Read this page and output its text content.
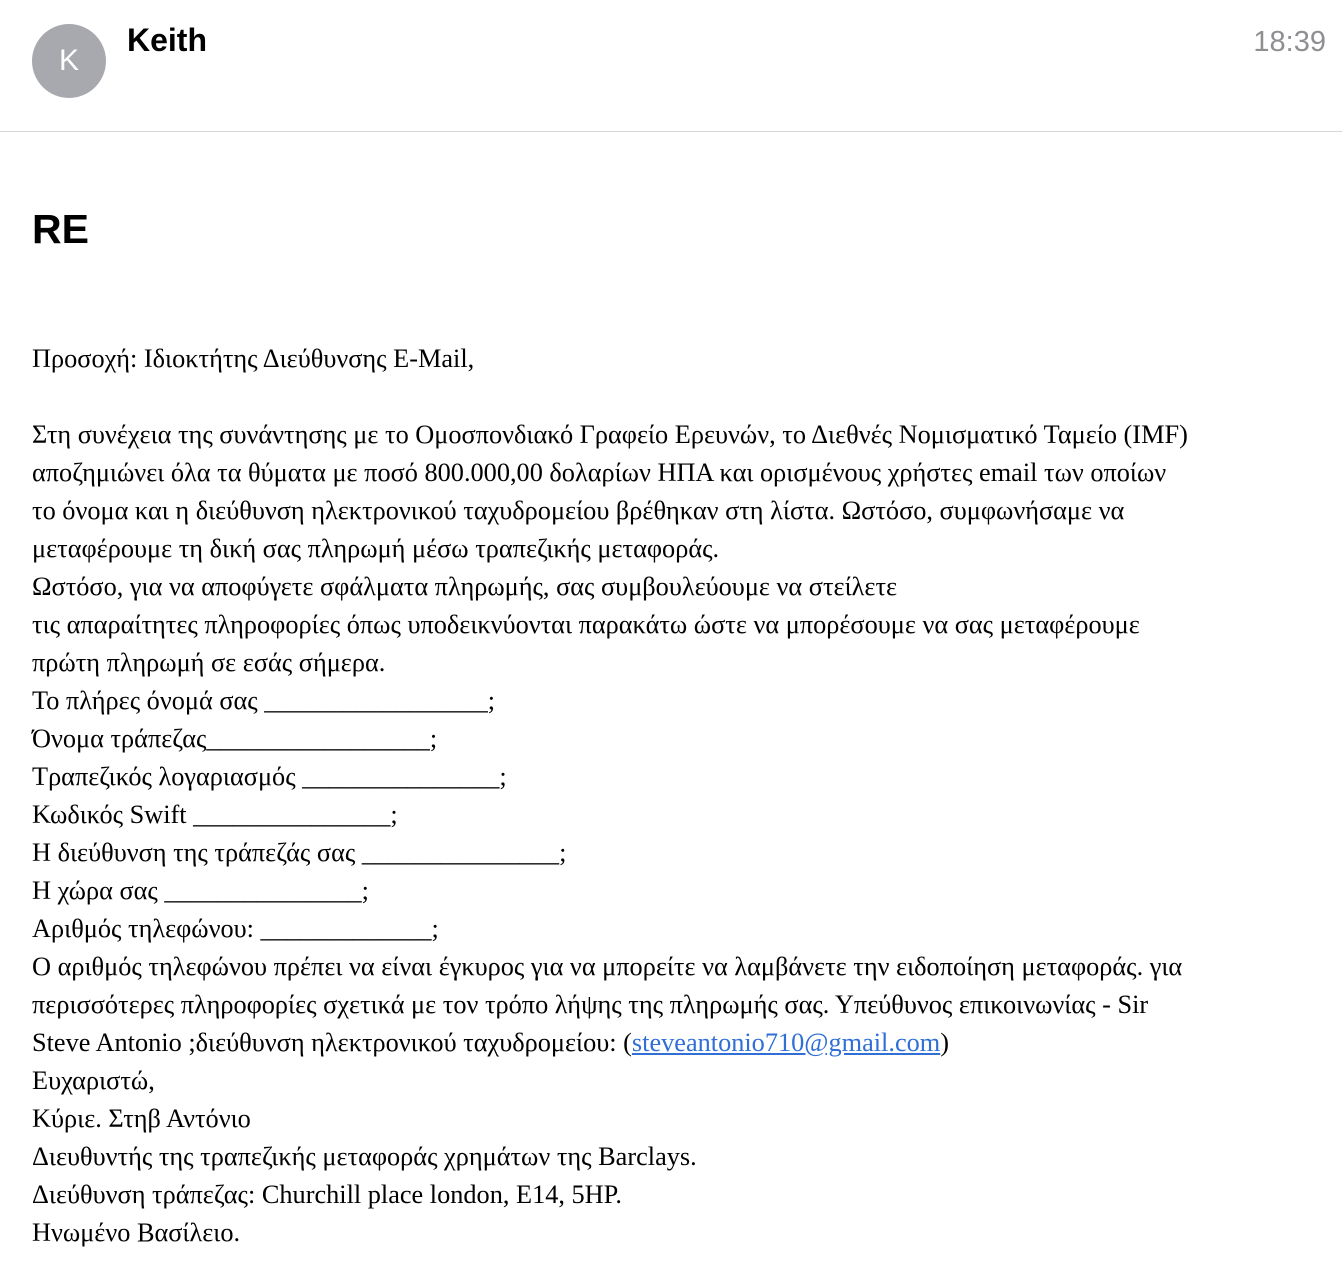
K
Keith	18:39
RE
Προσοχή: Ιδιοκτήτης Διεύθυνσης E-Mail,
Στη συνέχεια της συνάντησης με το Ομοσπονδιακό Γραφείο Ερευνών, το Διεθνές Νομισματικό Ταμείο (IMF)
αποζημιώνει όλα τα θύματα με ποσό 800.000,00 δολαρίων ΗΠΑ και ορισμένους χρήστες email των οποίων
το όνομα και η διεύθυνση ηλεκτρονικού ταχυδρομείου βρέθηκαν στη λίστα. Ωστόσο, συμφωνήσαμε να
μεταφέρουμε τη δική σας πληρωμή μέσω τραπεζικής μεταφοράς.
Ωστόσο, για να αποφύγετε σφάλματα πληρωμής, σας συμβουλεύουμε να στείλετε
τις απαραίτητες πληροφορίες όπως υποδεικνύονται παρακάτω ώστε να μπορέσουμε να σας μεταφέρουμε
πρώτη πληρωμή σε εσάς σήμερα.
Το πλήρες όνομά σας _________________;
Όνομα τράπεζας_________________;
Τραπεζικός λογαριασμός _______________;
Κωδικός Swift _______________;
Η διεύθυνση της τράπεζάς σας _______________;
Η χώρα σας _______________;
Αριθμός τηλεφώνου: _____________;
Ο αριθμός τηλεφώνου πρέπει να είναι έγκυρος για να μπορείτε να λαμβάνετε την ειδοποίηση μεταφοράς. για
περισσότερες πληροφορίες σχετικά με τον τρόπο λήψης της πληρωμής σας. Υπεύθυνος επικοινωνίας - Sir
Steve Antonio ;διεύθυνση ηλεκτρονικού ταχυδρομείου: (steveantonio710@gmail.com)
Ευχαριστώ,
Κύριε. Στηβ Αντόνιο
Διευθυντής της τραπεζικής μεταφοράς χρημάτων της Barclays.
Διεύθυνση τράπεζας: Churchill place london, E14, 5HP.
Ηνωμένο Βασίλειο.
